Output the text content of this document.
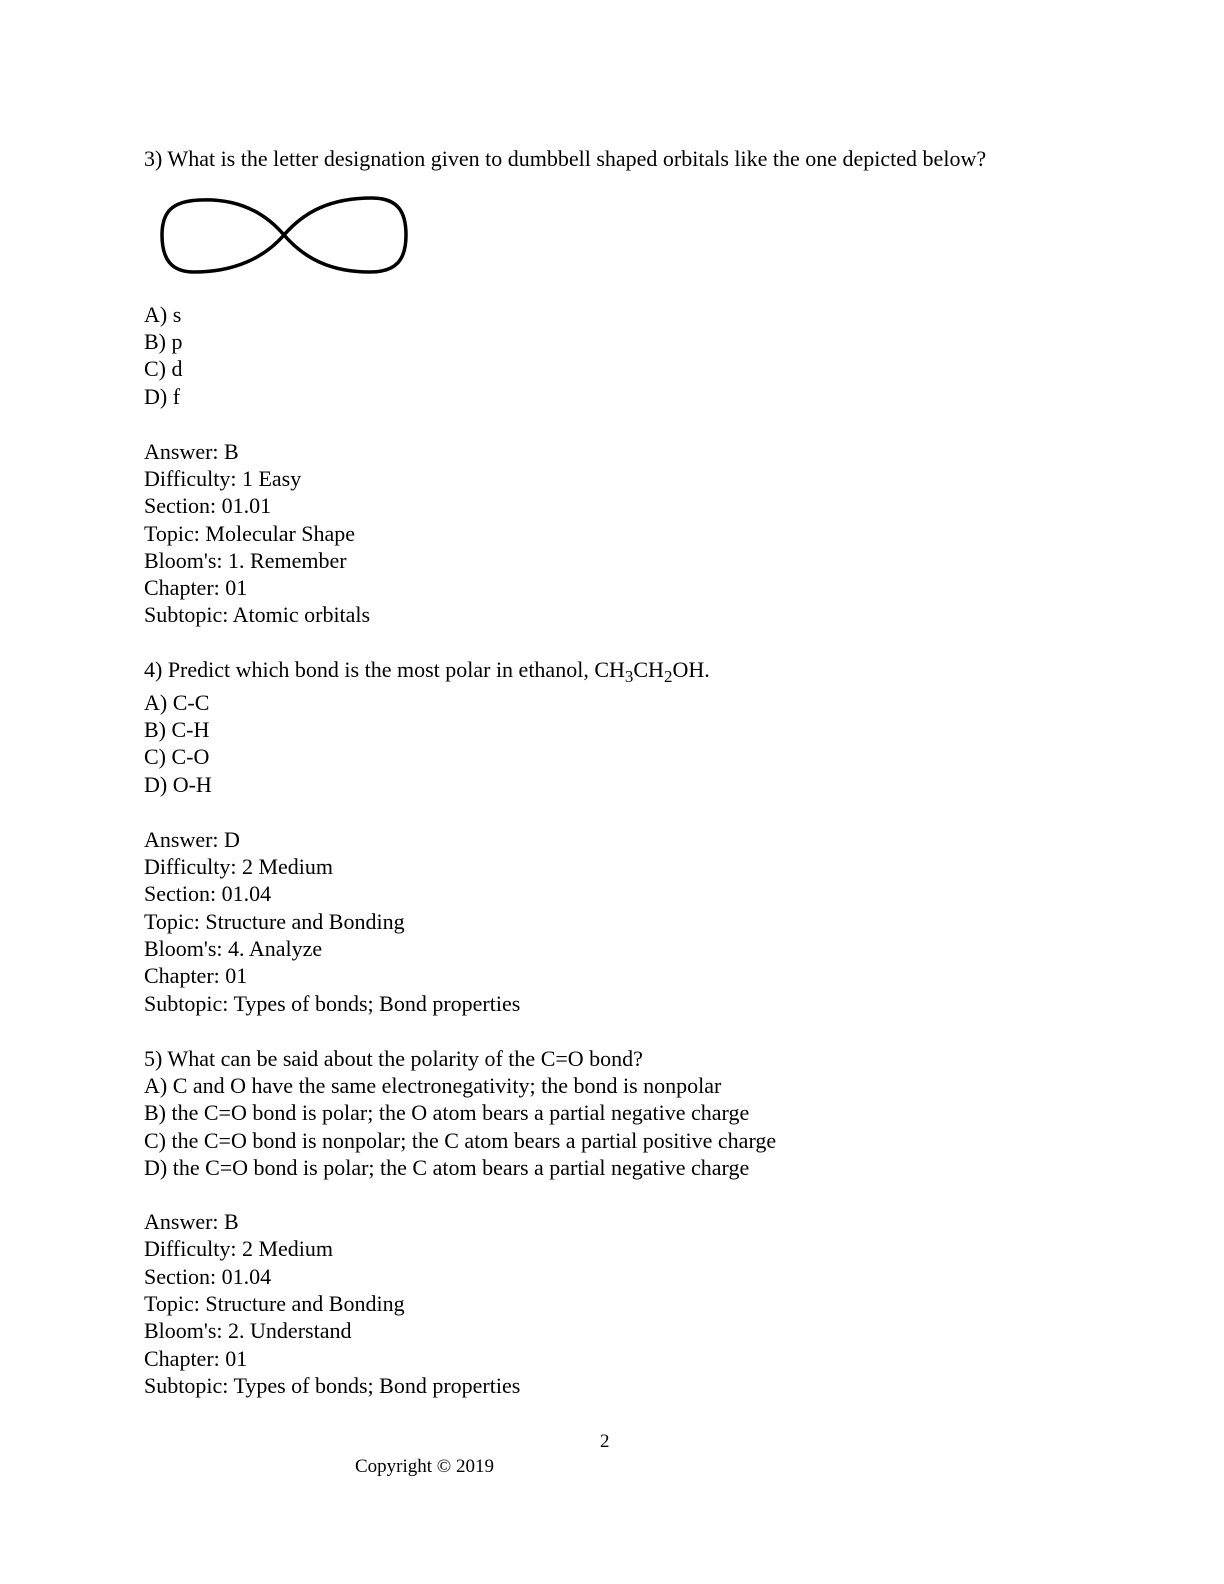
3) What is the letter designation given to dumbbell shaped orbitals like the one depicted below?
A) s
B) p
C) d
D) f
Answer: B
Difficulty: 1 Easy
Section: 01.01
Topic: Molecular Shape
Bloom's: 1. Remember
Chapter: 01
Subtopic: Atomic orbitals
4) Predict which bond is the most polar in ethanol, $CH_3CH_2OH$.
A) C-C
B) C-H
C) C-O
D) O-H
Answer: D
Difficulty: 2 Medium
Section: 01.04
Topic: Structure and Bonding
Bloom's: 4. Analyze
Chapter: 01
Subtopic: Types of bonds; Bond properties
5) What can be said about the polarity of the C=O bond?
A) C and O have the same electronegativity; the bond is nonpolar
B) the C=O bond is polar; the O atom bears a partial negative charge
C) the C=O bond is nonpolar; the C atom bears a partial positive charge
D) the C=O bond is polar; the C atom bears a partial negative charge
Answer: B
Difficulty: 2 Medium
Section: 01.04
Topic: Structure and Bonding
Bloom's: 2. Understand
Chapter: 01
Subtopic: Types of bonds; Bond properties
2
Copyright © 2019
